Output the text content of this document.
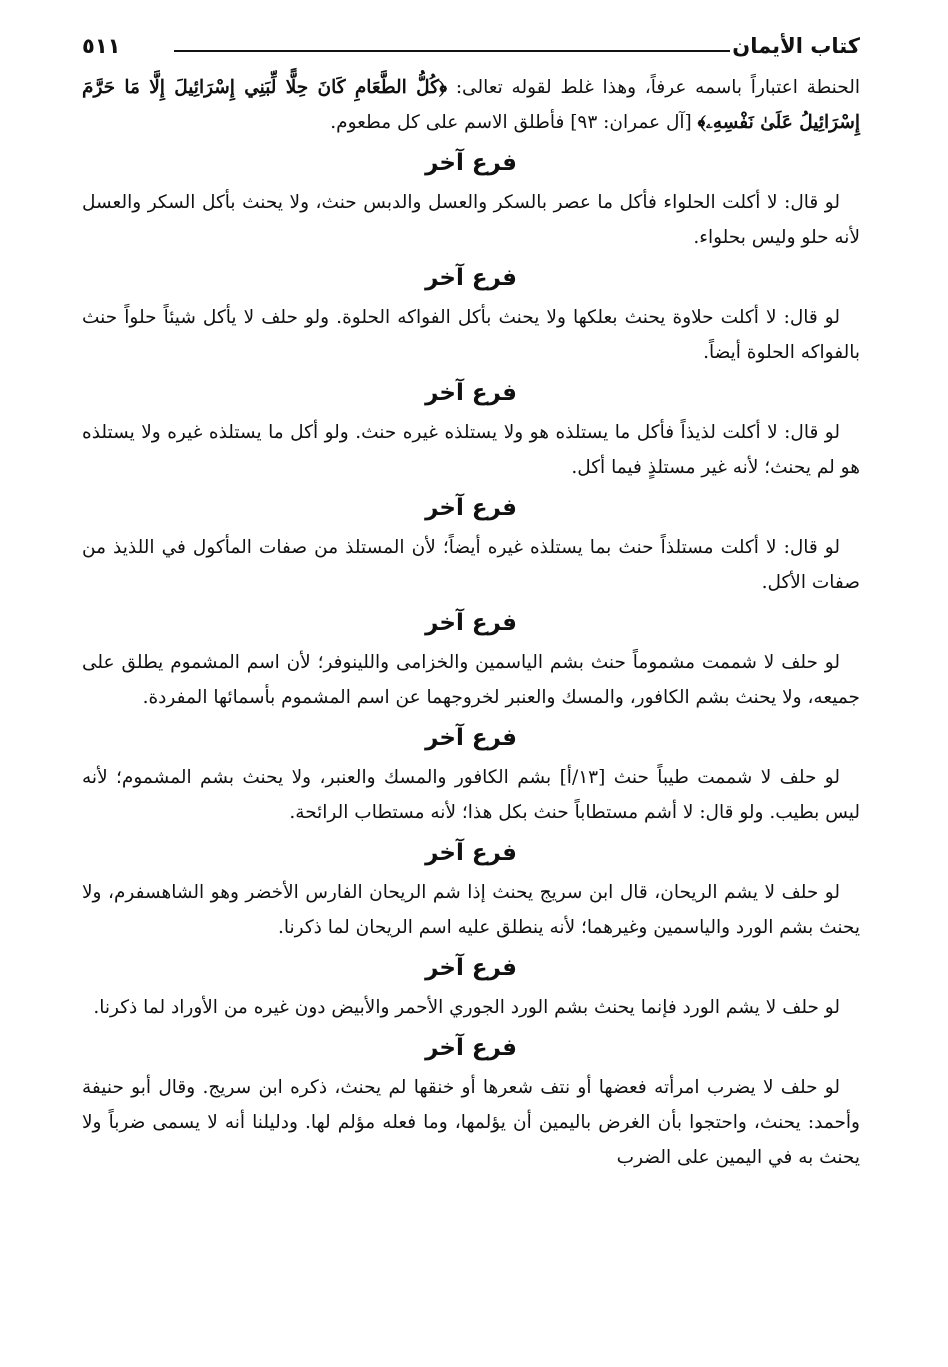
كتاب الأيمان
٥١١

الحنطة اعتباراً باسمه عرفاً، وهذا غلط لقوله تعالى: ﴿كُلُّ الطَّعَامِ كَانَ حِلًّا لِّبَنِي إِسْرَائِيلَ إِلَّا مَا حَرَّمَ إِسْرَائِيلُ عَلَىٰ نَفْسِهِۦ﴾ [آل عمران: ٩٣] فأطلق الاسم على كل مطعوم.

فرع آخر

لو قال: لا أكلت الحلواء فأكل ما عصر بالسكر والعسل والدبس حنث، ولا يحنث بأكل السكر والعسل لأنه حلو وليس بحلواء.

فرع آخر

لو قال: لا أكلت حلاوة يحنث بعلكها ولا يحنث بأكل الفواكه الحلوة. ولو حلف لا يأكل شيئاً حلواً حنث بالفواكه الحلوة أيضاً.

فرع آخر

لو قال: لا أكلت لذيذاً فأكل ما يستلذه هو ولا يستلذه غيره حنث. ولو أكل ما يستلذه غيره ولا يستلذه هو لم يحنث؛ لأنه غير مستلذٍ فيما أكل.

فرع آخر

لو قال: لا أكلت مستلذاً حنث بما يستلذه غيره أيضاً؛ لأن المستلذ من صفات المأكول في اللذيذ من صفات الأكل.

فرع آخر

لو حلف لا شممت مشموماً حنث بشم الياسمين والخزامى واللينوفر؛ لأن اسم المشموم يطلق على جميعه، ولا يحنث بشم الكافور، والمسك والعنبر لخروجهما عن اسم المشموم بأسمائها المفردة.

فرع آخر

لو حلف لا شممت طيباً حنث [١٣/أ] بشم الكافور والمسك والعنبر، ولا يحنث بشم المشموم؛ لأنه ليس بطيب. ولو قال: لا أشم مستطاباً حنث بكل هذا؛ لأنه مستطاب الرائحة.

فرع آخر

لو حلف لا يشم الريحان، قال ابن سريج يحنث إذا شم الريحان الفارس الأخضر وهو الشاهسفرم، ولا يحنث بشم الورد والياسمين وغيرهما؛ لأنه ينطلق عليه اسم الريحان لما ذكرنا.

فرع آخر

لو حلف لا يشم الورد فإنما يحنث بشم الورد الجوري الأحمر والأبيض دون غيره من الأوراد لما ذكرنا.

فرع آخر

لو حلف لا يضرب امرأته فعضها أو نتف شعرها أو خنقها لم يحنث، ذكره ابن سريج. وقال أبو حنيفة وأحمد: يحنث، واحتجوا بأن الغرض باليمين أن يؤلمها، وما فعله مؤلم لها. ودليلنا أنه لا يسمى ضرباً ولا يحنث به في اليمين على الضرب
